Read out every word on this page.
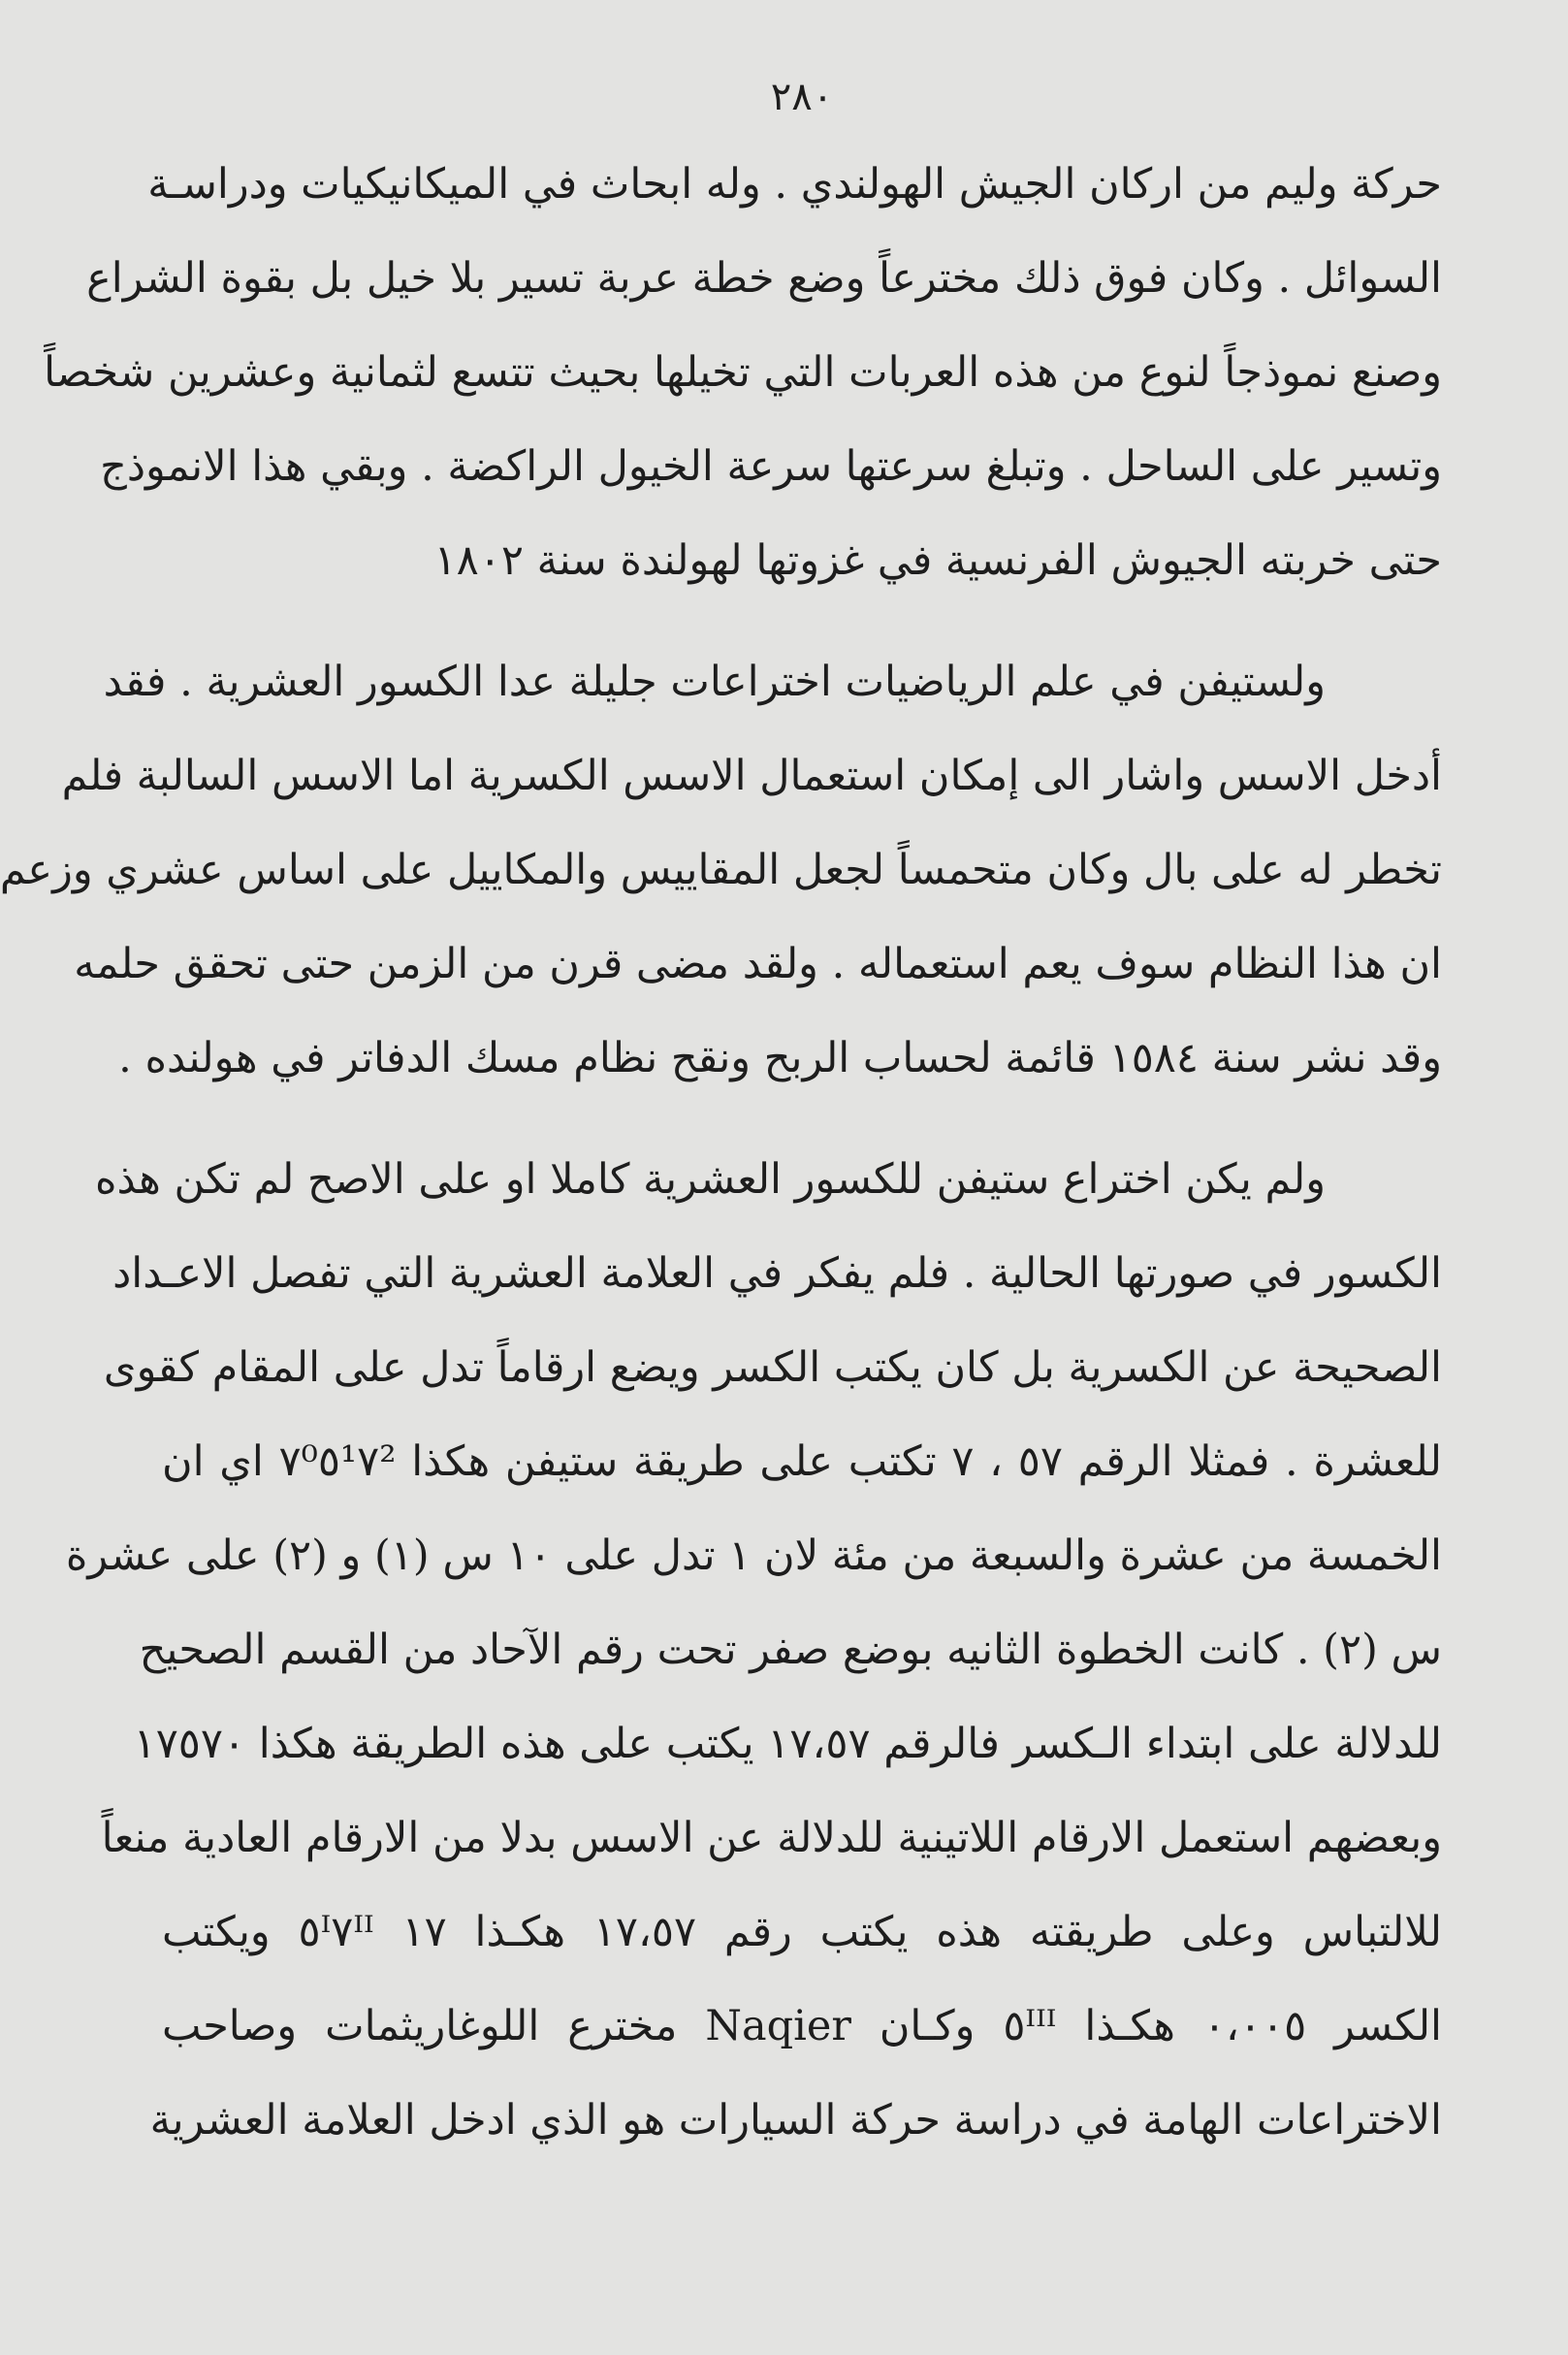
٢٨٠
حركة وليم من اركان الجيش الهولندي . وله ابحاث في الميكانيكيات ودراسـة
السوائل . وكان فوق ذلك مخترعاً وضع خطة عربة تسير بلا خيل بل بقوة الشراع
وصنع نموذجاً لنوع من هذه العربات التي تخيلها بحيث تتسع لثمانية وعشرين شخصاً
وتسير على الساحل . وتبلغ سرعتها سرعة الخيول الراكضة . وبقي هذا الانموذج
حتى خربته الجيوش الفرنسية في غزوتها لهولندة سنة ١٨٠٢
ولستيفن في علم الرياضيات اختراعات جليلة عدا الكسور العشرية . فقد
أدخل الاسس واشار الى إمكان استعمال الاسس الكسرية اما الاسس السالبة فلم
تخطر له على بال وكان متحمساً لجعل المقاييس والمكاييل على اساس عشري وزعم
ان هذا النظام سوف يعم استعماله . ولقد مضى قرن من الزمن حتى تحقق حلمه
وقد نشر سنة ١٥٨٤ قائمة لحساب الربح ونقح نظام مسك الدفاتر في هولنده .
ولم يكن اختراع ستيفن للكسور العشرية كاملا او على الاصح لم تكن هذه
الكسور في صورتها الحالية . فلم يفكر في العلامة العشرية التي تفصل الاعـداد
الصحيحة عن الكسرية بل كان يكتب الكسر ويضع ارقاماً تدل على المقام كقوى
للعشرة . فمثلا الرقم ٥٧ ، ٧ تكتب على طريقة ستيفن هكذا ٧⁰٥¹٧² اي ان
الخمسة من عشرة والسبعة من مئة لان ١ تدل على ١٠ س (١) و (٢) على عشرة
س (٢) . كانت الخطوة الثانيه بوضع صفر تحت رقم الآحاد من القسم الصحيح
للدلالة على ابتداء الـكسر فالرقم ١٧،٥٧ يكتب على هذه الطريقة هكذا ١٧٥٧٠
وبعضهم استعمل الارقام اللاتينية للدلالة عن الاسس بدلا من الارقام العادية منعاً
للالتباس وعلى طريقته هذه يكتب رقم ١٧،٥٧ هكـذا ١٧ ٥ᴵ٧ᴵᴵ ويكتب
الكسر ٠،٠٠٥ هكـذا ٥ᴵᴵᴵ وكـان Naqier مخترع اللوغاريثمات وصاحب
الاختراعات الهامة في دراسة حركة السيارات هو الذي ادخل العلامة العشرية
